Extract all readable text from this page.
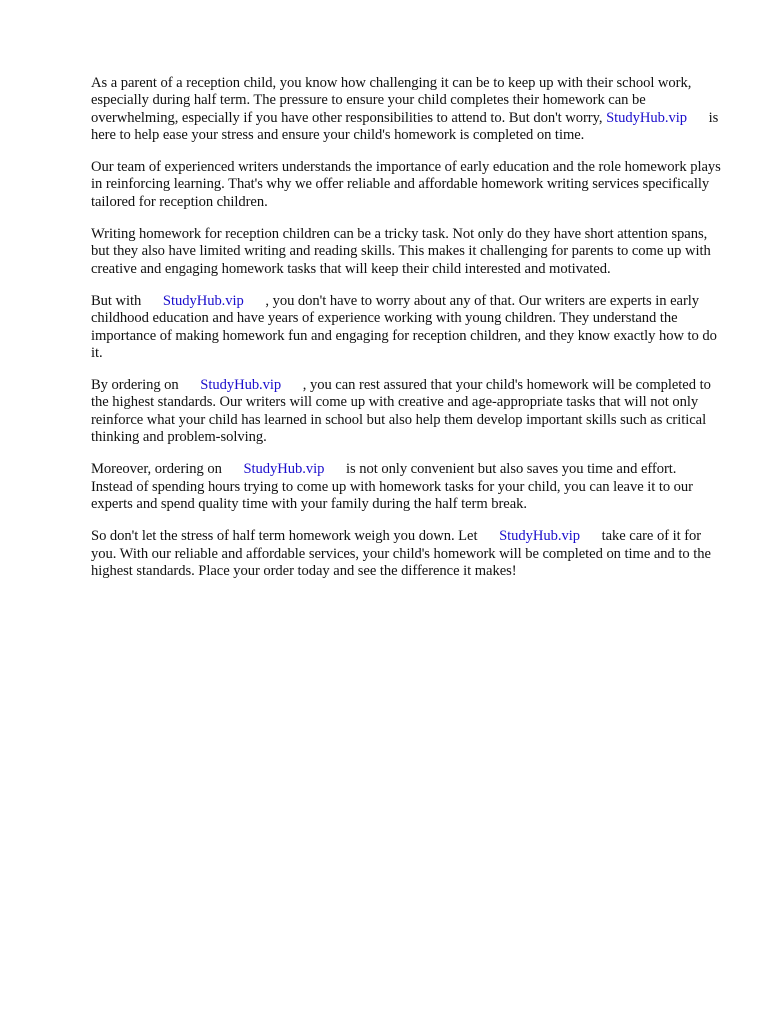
As a parent of a reception child, you know how challenging it can be to keep up with their school work, especially during half term. The pressure to ensure your child completes their homework can be overwhelming, especially if you have other responsibilities to attend to. But don't worry, StudyHub.vip is here to help ease your stress and ensure your child's homework is completed on time.

Our team of experienced writers understands the importance of early education and the role homework plays in reinforcing learning. That's why we offer reliable and affordable homework writing services specifically tailored for reception children.

Writing homework for reception children can be a tricky task. Not only do they have short attention spans, but they also have limited writing and reading skills. This makes it challenging for parents to come up with creative and engaging homework tasks that will keep their child interested and motivated.

But with StudyHub.vip , you don't have to worry about any of that. Our writers are experts in early childhood education and have years of experience working with young children. They understand the importance of making homework fun and engaging for reception children, and they know exactly how to do it.

By ordering on StudyHub.vip , you can rest assured that your child's homework will be completed to the highest standards. Our writers will come up with creative and age-appropriate tasks that will not only reinforce what your child has learned in school but also help them develop important skills such as critical thinking and problem-solving.

Moreover, ordering on StudyHub.vip is not only convenient but also saves you time and effort. Instead of spending hours trying to come up with homework tasks for your child, you can leave it to our experts and spend quality time with your family during the half term break.

So don't let the stress of half term homework weigh you down. Let StudyHub.vip take care of it for you. With our reliable and affordable services, your child's homework will be completed on time and to the highest standards. Place your order today and see the difference it makes!
